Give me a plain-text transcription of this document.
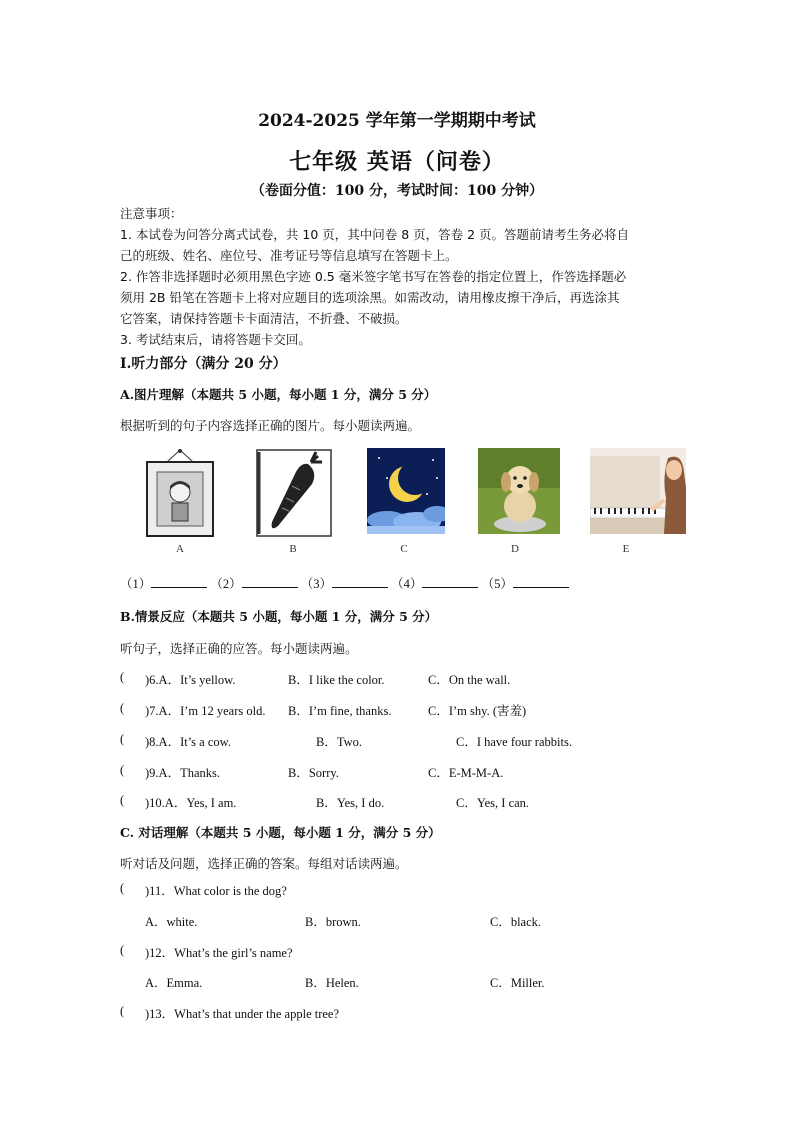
2024-2025 学年第一学期期中考试
七年级 英语（问卷）
（卷面分值：100 分，考试时间：100 分钟）
注意事项：
1. 本试卷为问答分离式试卷，共 10 页，其中问卷 8 页，答卷 2 页。答题前请考生务必将自
己的班级、姓名、座位号、准考证号等信息填写在答题卡上。
2. 作答非选择题时必须用黑色字迹 0.5 毫米签字笔书写在答卷的指定位置上，作答选择题必
须用 2B 铅笔在答题卡上将对应题目的选项涂黑。如需改动，请用橡皮擦干净后，再选涂其
它答案，请保持答题卡卡面清洁，不折叠、不破损。
3. 考试结束后，请将答题卡交回。
I.听力部分（满分 20 分）
A.图片理解（本题共 5 小题，每小题 1 分，满分 5 分）
根据听到的句子内容选择正确的图片。每小题读两遍。
A	B	C	D	E
（1）	（2）	（3）	（4）	（5）
B.情景反应（本题共 5 小题，每小题 1 分，满分 5 分）
听句子，选择正确的应答。每小题读两遍。
( )6.A．It’s yellow.	B．I like the color.	C．On the wall.
( )7.A．I’m 12 years old. B．I’m fine, thanks.	C．I’m shy. (害羞)
( )8.A．It’s a cow.	B．Two.	C．I have four rabbits.
( )9.A．Thanks.	B．Sorry.	C．E-M-M-A.
( )10.A．Yes, I am.	B．Yes, I do.	C．Yes, I can.
C. 对话理解（本题共 5 小题，每小题 1 分，满分 5 分）
听对话及问题，选择正确的答案。每组对话读两遍。
( )11．What color is the dog?
A．white.	B．brown.	C．black.
( )12．What’s the girl’s name?
A．Emma.	B．Helen.	C．Miller.
( )13．What’s that under the apple tree?
